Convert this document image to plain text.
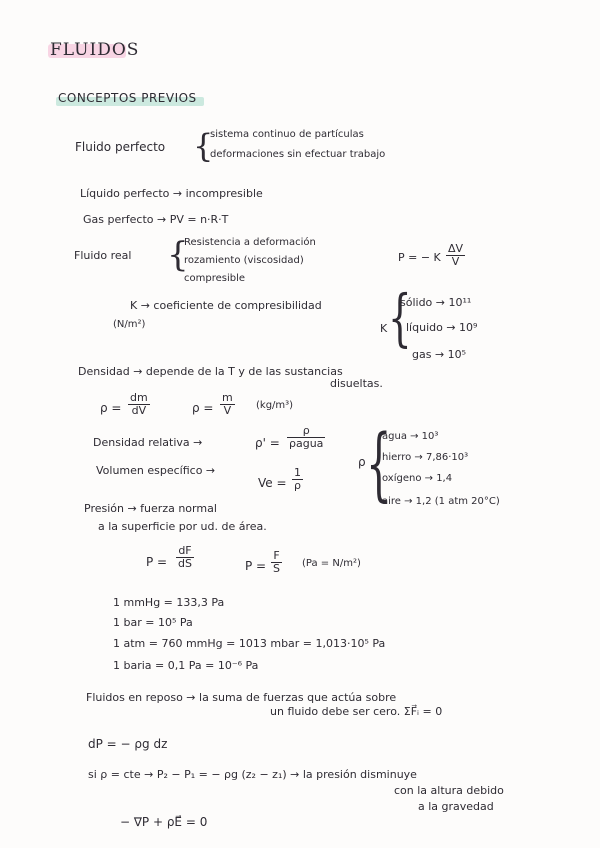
FLUIDOS
CONCEPTOS PREVIOS
Fluido perfecto {
sistema continuo de partículas
deformaciones sin efectuar trabajo
Líquido perfecto → incompresible
Gas perfecto → PV = n·R·T
Fluido real {
Resistencia a deformación
rozamiento (viscosidad)
compresible
P = − K $\frac{\Delta V}{V}$
K → coeficiente de compresibilidad
(N/m²)	K {
sólido → 10¹¹
líquido → 10⁹
gas → 10⁵
Densidad → depende de la T y de las sustancias
disueltas.
$\rho = \frac{dm}{dV}$	$\rho = \frac{m}{V} (kg/m^3)$
Densidad relativa →	ρ' =
ρ
ρagua
Volumen específico →
$Ve = \frac{1}{\rho}$
ρ {
agua → 10³
hierro → 7,86·10³
oxígeno → 1,4
aire → 1,2 (1 atm 20°C)
Presión → fuerza normal
a la superficie por ud. de área.
$P = \frac{dF}{dS}$	$P = \frac{F}{S} (Pa = N/m^2)$
1 mmHg = 133,3 Pa
1 bar = 10⁵ Pa
1 atm = 760 mmHg = 1013 mbar = 1,013·10⁵ Pa
1 baria = 0,1 Pa = 10⁻⁶ Pa
Fluidos en reposo → la suma de fuerzas que actúa sobre
un fluido debe ser cero. ΣF⃗ᵢ = 0
dP = − ρg dz
si ρ = cte → P₂ − P₁ = − ρg (z₂ − z₁) → la presión disminuye
con la altura debido
a la gravedad
− ∇P + ρE⃗ = 0
